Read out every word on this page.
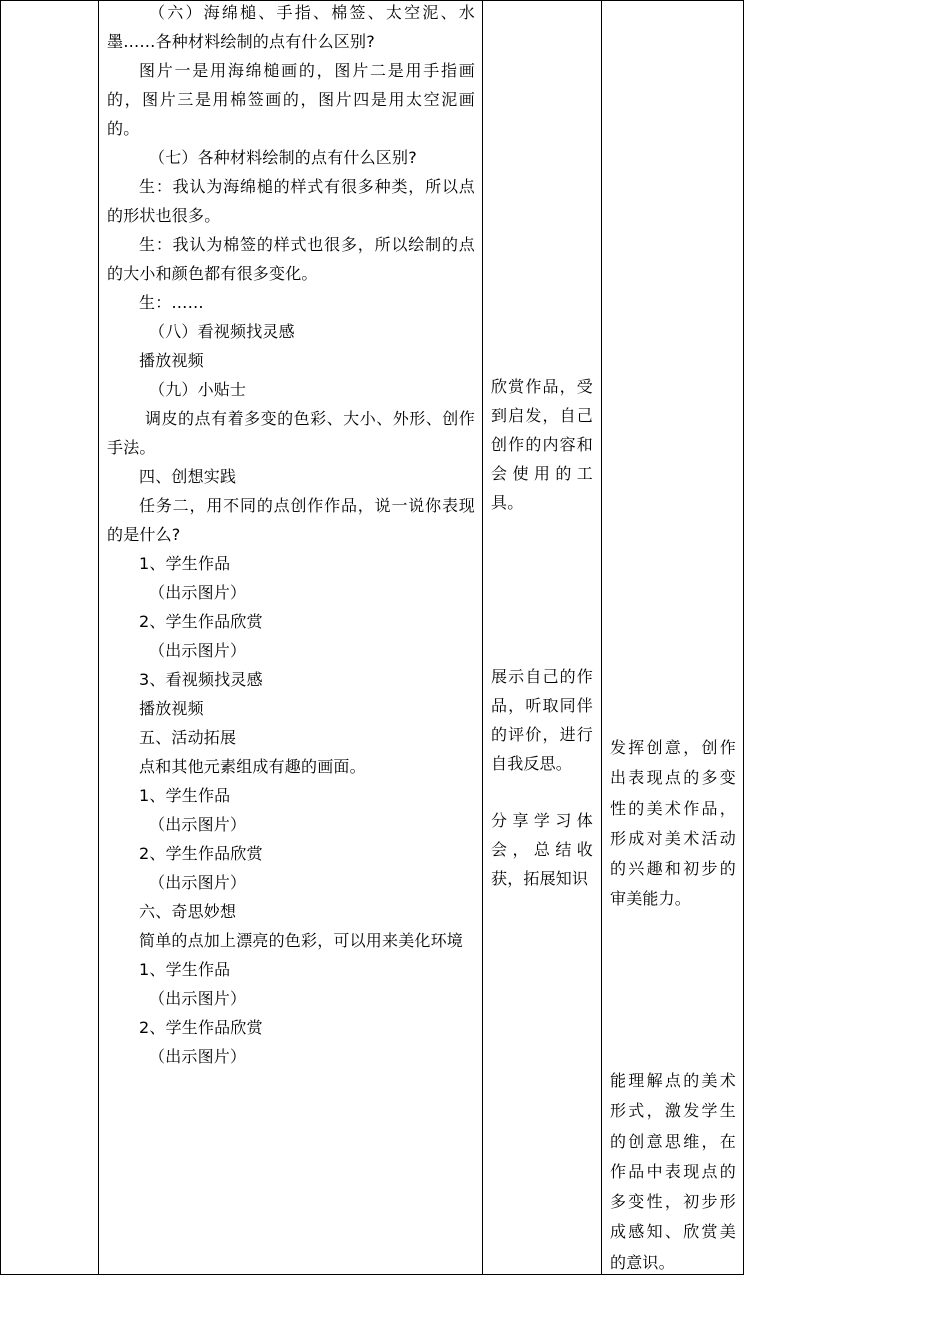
（六）海绵槌、手指、棉签、太空泥、水墨……各种材料绘制的点有什么区别?

图片一是用海绵槌画的，图片二是用手指画的，图片三是用棉签画的，图片四是用太空泥画的。

（七）各种材料绘制的点有什么区别?

生：我认为海绵槌的样式有很多种类，所以点的形状也很多。

生：我认为棉签的样式也很多，所以绘制的点的大小和颜色都有很多变化。

生：……

（八）看视频找灵感

播放视频

（九）小贴士

调皮的点有着多变的色彩、大小、外形、创作手法。

四、创想实践

任务二，用不同的点创作作品，说一说你表现的是什么?

1、学生作品

（出示图片）

2、学生作品欣赏

（出示图片）

3、看视频找灵感

播放视频

五、活动拓展

点和其他元素组成有趣的画面。

1、学生作品

（出示图片）

2、学生作品欣赏

（出示图片）

六、奇思妙想

简单的点加上漂亮的色彩，可以用来美化环境

1、学生作品

（出示图片）

2、学生作品欣赏

（出示图片）

欣赏作品，受到启发，自己创作的内容和会使用的工具。
展示自己的作品，听取同伴的评价，进行自我反思。
分享学习体会，总结收获，拓展知识
发挥创意，创作出表现点的多变性的美术作品，形成对美术活动的兴趣和初步的审美能力。
能理解点的美术形式，激发学生的创意思维，在作品中表现点的多变性，初步形成感知、欣赏美的意识。
